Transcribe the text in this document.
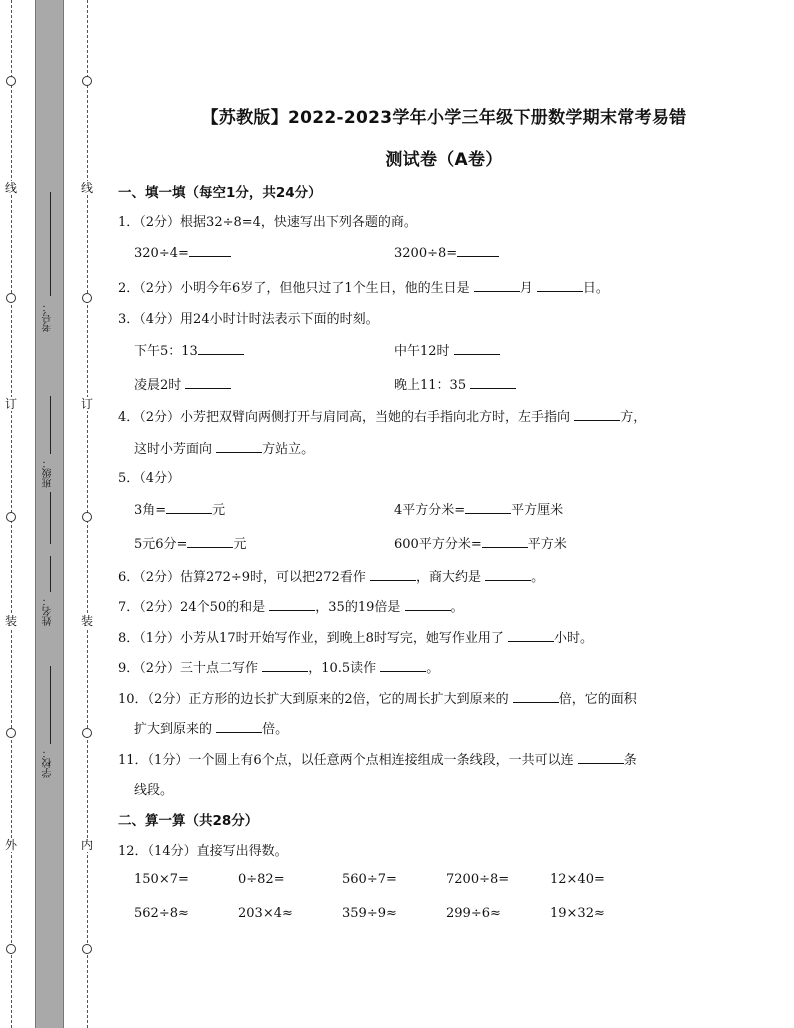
线
订
装
外
线
订
装
内
考号：
班级：
姓名：
学校：
【苏教版】2022-2023学年小学三年级下册数学期末常考易错
测试卷（A卷）
一、填一填（每空1分，共24分）
1．（2分）根据32÷8=4，快速写出下列各题的商。
320÷4=	3200÷8=
2．（2分）小明今年6岁了，但他只过了1个生日，他的生日是	月	日。
3．（4分）用24小时计时法表示下面的时刻。
下午5：13	中午12时
凌晨2时	晚上11：35
4．（2分）小芳把双臂向两侧打开与肩同高，当她的右手指向北方时，左手指向	方，
这时小芳面向	方站立。
5．（4分）
3角=	元	4平方分米=	平方厘米
5元6分=	元	600平方分米=	平方米
6．（2分）估算272÷9时，可以把272看作	，商大约是	。
7．（2分）24个50的和是	，35的19倍是	。
8．（1分）小芳从17时开始写作业，到晚上8时写完，她写作业用了	小时。
9．（2分）三十点二写作	，10.5读作	。
10．（2分）正方形的边长扩大到原来的2倍，它的周长扩大到原来的	倍，它的面积
扩大到原来的	倍。
11．（1分）一个圆上有6个点，以任意两个点相连接组成一条线段，一共可以连	条
线段。
二、算一算（共28分）
12．（14分）直接写出得数。
150×7=	0÷82=	560÷7=	7200÷8=	12×40=
562÷8≈	203×4≈	359÷9≈	299÷6≈	19×32≈
